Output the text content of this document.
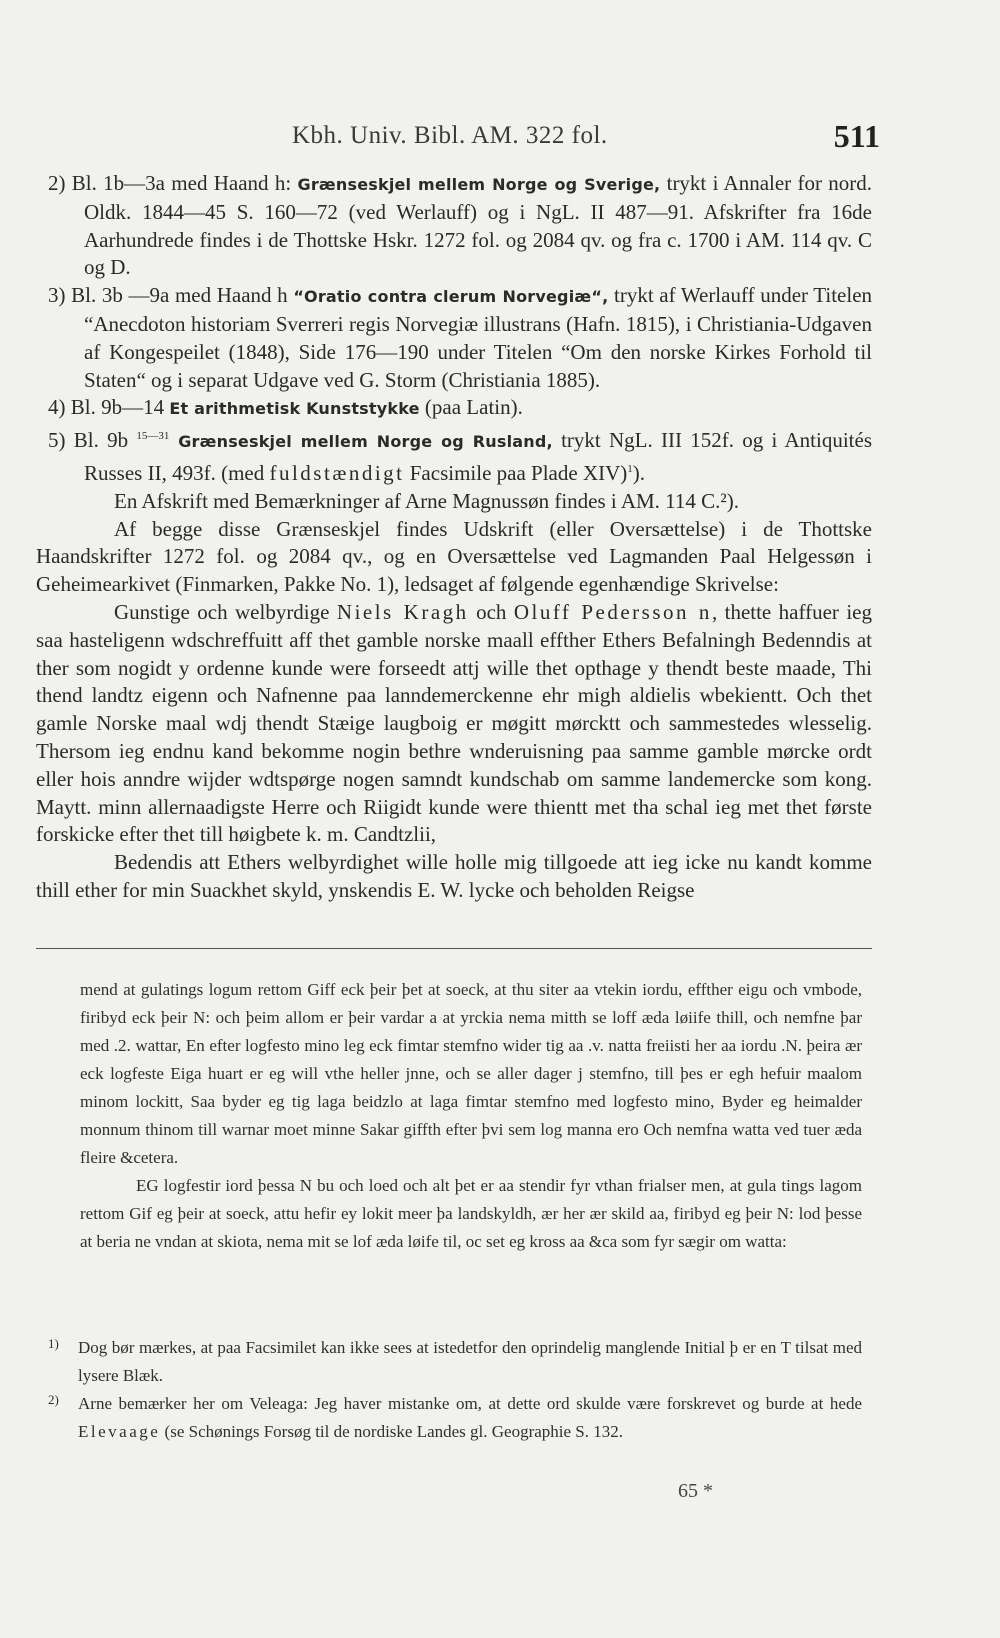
Kbh. Univ. Bibl. AM. 322 fol.	511

2) Bl. 1b—3a med Haand h: Grænseskjel mellem Norge og Sverige, trykt i Annaler for nord. Oldk. 1844—45 S. 160—72 (ved Werlauff) og i NgL. II 487—91. Afskrifter fra 16de Aarhundrede findes i de Thottske Hskr. 1272 fol. og 2084 qv. og fra c. 1700 i AM. 114 qv. C og D.

3) Bl. 3b —9a med Haand h “Oratio contra clerum Norvegiæ“, trykt af Werlauff under Titelen “Anecdoton historiam Sverreri regis Norvegiæ illustrans (Hafn. 1815), i Christiania-Udgaven af Kongespeilet (1848), Side 176—190 under Titelen “Om den norske Kirkes Forhold til Staten“ og i separat Udgave ved G. Storm (Christiania 1885).

4) Bl. 9b—14 Et arithmetisk Kunststykke (paa Latin).

5) Bl. 9b $^{15—31}$ Grænseskjel mellem Norge og Rusland, trykt NgL. III 152f. og i Antiquités Russes II, 493f. (med fuldstændigt Facsimile paa Plade XIV)$^1$).

En Afskrift med Bemærkninger af Arne Magnussøn findes i AM. 114 C.²).

Af begge disse Grænseskjel findes Udskrift (eller Oversættelse) i de Thottske Haandskrifter 1272 fol. og 2084 qv., og en Oversættelse ved Lagmanden Paal Helgessøn i Geheimearkivet (Finmarken, Pakke No. 1), ledsaget af følgende egenhændige Skrivelse:

Gunstige och welbyrdige Niels Kragh och Oluff Pedersson n, thette haffuer ieg saa hasteligenn wdschreffuitt aff thet gamble norske maall effther Ethers Befalningh Bedenndis at ther som nogidt y ordenne kunde were forseedt attj wille thet opthage y thendt beste maade, Thi thend landtz eigenn och Nafnenne paa lanndemerckenne ehr migh aldielis wbekientt. Och thet gamle Norske maal wdj thendt Stæige laugboig er møgitt mørcktt och sammestedes wlesselig. Thersom ieg endnu kand bekomme nogin bethre wnderuisning paa samme gamble mørcke ordt eller hois anndre wijder wdtspørge nogen samndt kundschab om samme landemercke som kong. Maytt. minn allernaadigste Herre och Riigidt kunde were thientt met tha schal ieg met thet første forskicke efter thet till høigbete k. m. Candtzlii,

Bedendis att Ethers welbyrdighet wille holle mig tillgoede att ieg icke nu kandt komme thill ether for min Suackhet skyld, ynskendis E. W. lycke och beholden Reigse

mend at gulatings logum rettom Giff eck þeir þet at soeck, at thu siter aa vtekin iordu, effther eigu och vmbode, firibyd eck þeir N: och þeim allom er þeir vardar a at yrckia nema mitth se loff æda løiife thill, och nemfne þar med .2. wattar, En efter logfesto mino leg eck fimtar stemfno wider tig aa .v. natta freiisti her aa iordu .N. þeira ær eck logfeste Eiga huart er eg will vthe heller jnne, och se aller dager j stemfno, till þes er egh hefuir maalom minom lockitt, Saa byder eg tig laga beidzlo at laga fimtar stemfno med logfesto mino, Byder eg heimalder monnum thinom till warnar moet minne Sakar giffth efter þvi sem log manna ero Och nemfna watta ved tuer æda fleire &cetera.

EG logfestir iord þessa N bu och loed och alt þet er aa stendir fyr vthan frialser men, at gula tings lagom rettom Gif eg þeir at soeck, attu hefir ey lokit meer þa landskyldh, ær her ær skild aa, firibyd eg þeir N: lod þesse at beria ne vndan at skiota, nema mit se lof æda løife til, oc set eg kross aa &ca som fyr sægir om watta:

1) Dog bør mærkes, at paa Facsimilet kan ikke sees at istedetfor den oprindelig manglende Initial þ er en T tilsat med lysere Blæk.

2) Arne bemærker her om Veleaga: Jeg haver mistanke om, at dette ord skulde være forskrevet og burde at hede Elevaage (se Schønings Forsøg til de nordiske Landes gl. Geographie S. 132.

65 *
